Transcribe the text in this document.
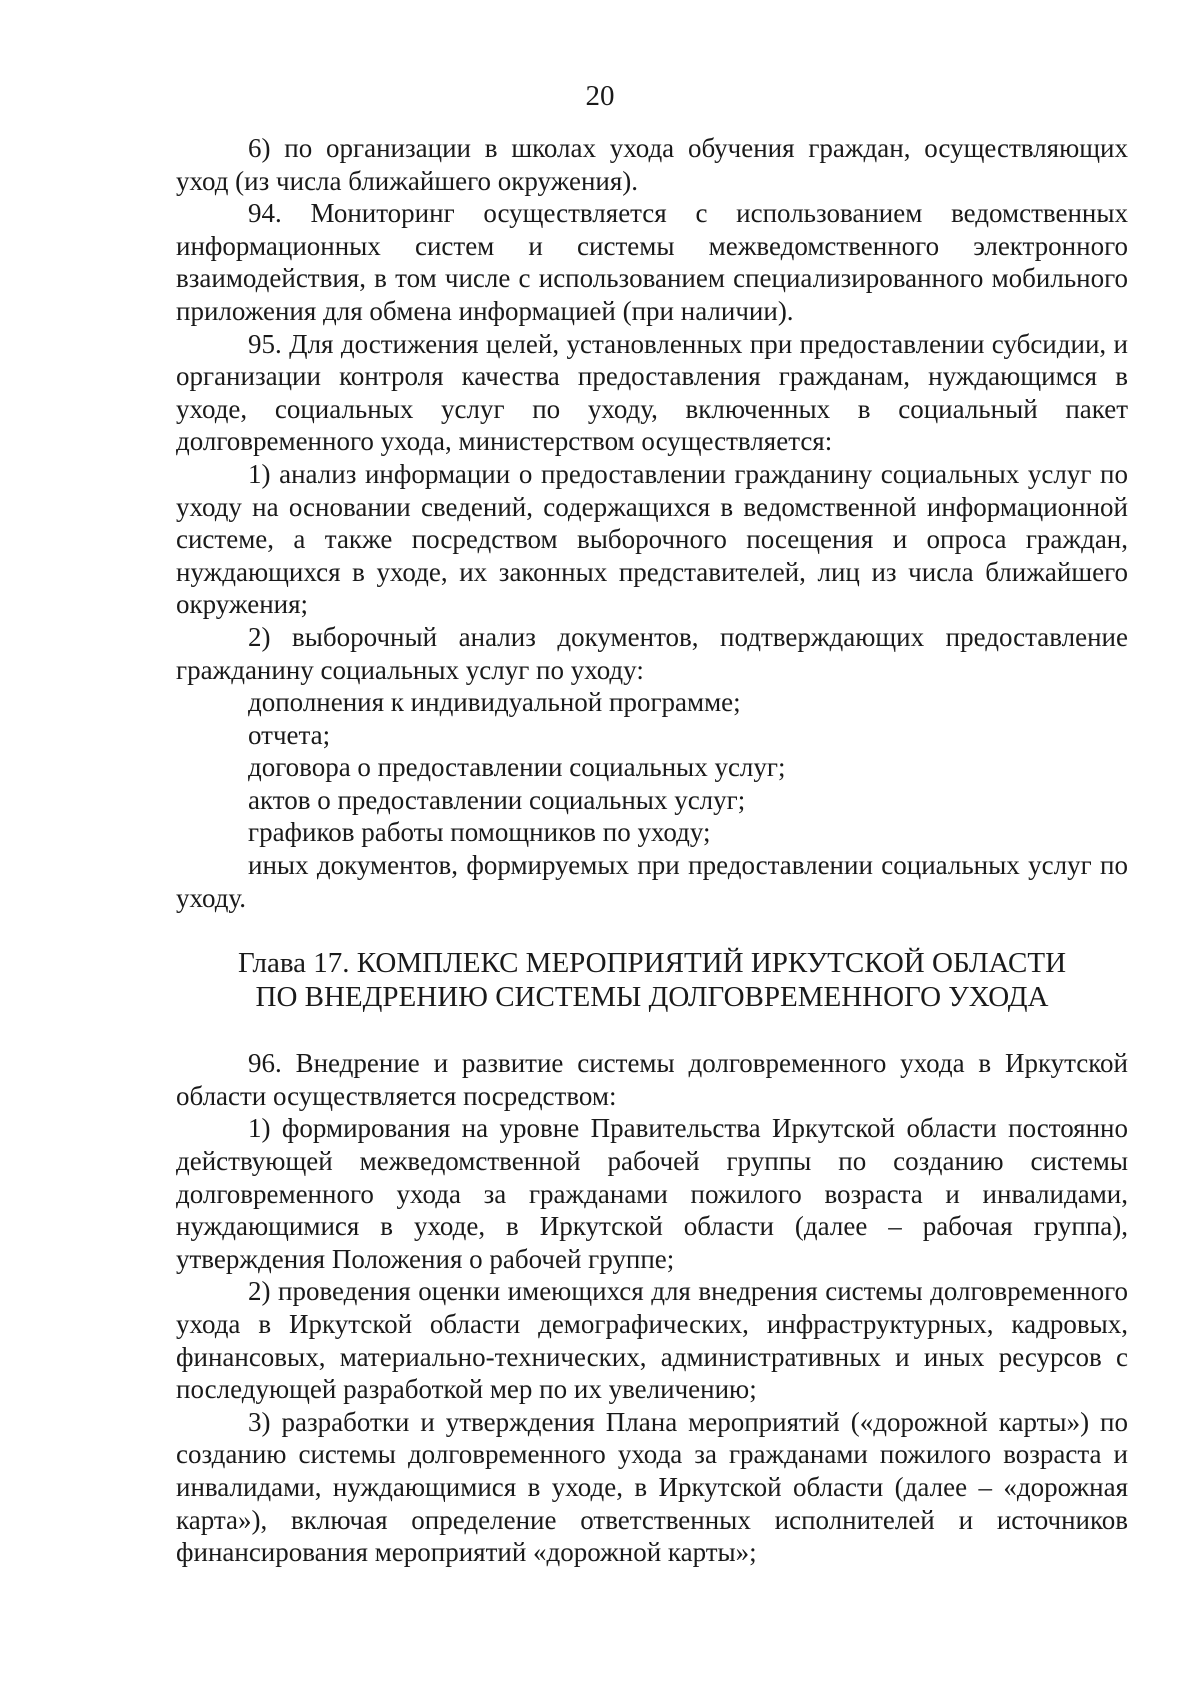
20

6) по организации в школах ухода обучения граждан, осуществляющих уход (из числа ближайшего окружения).

94. Мониторинг осуществляется с использованием ведомственных информационных систем и системы межведомственного электронного взаимодействия, в том числе с использованием специализированного мобильного приложения для обмена информацией (при наличии).

95. Для достижения целей, установленных при предоставлении субсидии, и организации контроля качества предоставления гражданам, нуждающимся в уходе, социальных услуг по уходу, включенных в социальный пакет долговременного ухода, министерством осуществляется:

1) анализ информации о предоставлении гражданину социальных услуг по уходу на основании сведений, содержащихся в ведомственной информационной системе, а также посредством выборочного посещения и опроса граждан, нуждающихся в уходе, их законных представителей, лиц из числа ближайшего окружения;

2) выборочный анализ документов, подтверждающих предоставление гражданину социальных услуг по уходу:

дополнения к индивидуальной программе;

отчета;

договора о предоставлении социальных услуг;

актов о предоставлении социальных услуг;

графиков работы помощников по уходу;

иных документов, формируемых при предоставлении социальных услуг по уходу.

Глава 17. КОМПЛЕКС МЕРОПРИЯТИЙ ИРКУТСКОЙ ОБЛАСТИ
ПО ВНЕДРЕНИЮ СИСТЕМЫ ДОЛГОВРЕМЕННОГО УХОДА

96. Внедрение и развитие системы долговременного ухода в Иркутской области осуществляется посредством:

1) формирования на уровне Правительства Иркутской области постоянно действующей межведомственной рабочей группы по созданию системы долговременного ухода за гражданами пожилого возраста и инвалидами, нуждающимися в уходе, в Иркутской области (далее – рабочая группа), утверждения Положения о рабочей группе;

2) проведения оценки имеющихся для внедрения системы долговременного ухода в Иркутской области демографических, инфраструктурных, кадровых, финансовых, материально-технических, административных и иных ресурсов с последующей разработкой мер по их увеличению;

3) разработки и утверждения Плана мероприятий («дорожной карты») по созданию системы долговременного ухода за гражданами пожилого возраста и инвалидами, нуждающимися в уходе, в Иркутской области (далее – «дорожная карта»), включая определение ответственных исполнителей и источников финансирования мероприятий «дорожной карты»;
